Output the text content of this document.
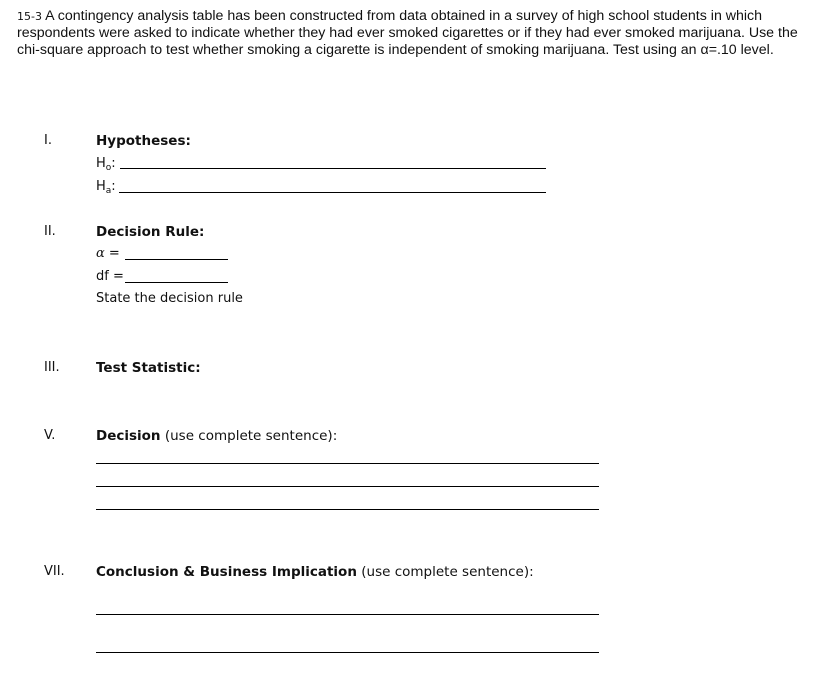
15-3 A contingency analysis table has been constructed from data obtained in a survey of high school students in which respondents were asked to indicate whether they had ever smoked cigarettes or if they had ever smoked marijuana. Use the chi-square approach to test whether smoking a cigarette is independent of smoking marijuana. Test using an α=.10 level.
I.	Hypotheses:
$H_o$:
$H_a$:
II.	Decision Rule:
α =
df =
State the decision rule
III.	Test Statistic:
V.	Decision (use complete sentence):
VII. Conclusion & Business Implication (use complete sentence):
